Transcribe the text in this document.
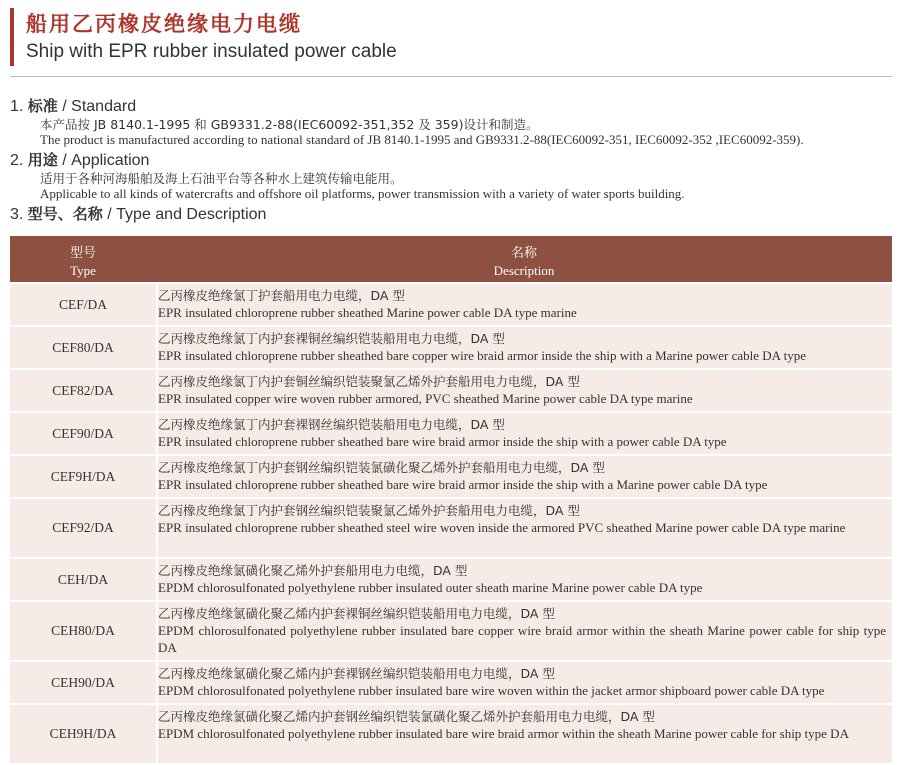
船用乙丙橡皮绝缘电力电缆
Ship with EPR rubber insulated power cable
1. 标准 / Standard
本产品按 JB 8140.1-1995 和 GB9331.2-88(IEC60092-351,352 及 359)设计和制造。
The product is manufactured according to national standard of JB 8140.1-1995 and GB9331.2-88(IEC60092-351, IEC60092-352 ,IEC60092-359).
2. 用途 / Application
适用于各种河海船舶及海上石油平台等各种水上建筑传输电能用。
Applicable to all kinds of watercrafts and offshore oil platforms, power transmission with a variety of water sports building.
3. 型号、名称 / Type and Description
型号
Type
名称
Description
CEF/DA
乙丙橡皮绝缘氯丁护套船用电力电缆，DA 型
EPR insulated chloroprene rubber sheathed Marine power cable DA type marine
CEF80/DA
乙丙橡皮绝缘氯丁内护套裸铜丝编织铠装船用电力电缆，DA 型
EPR insulated chloroprene rubber sheathed bare copper wire braid armor inside the ship with a Marine power cable DA type
CEF82/DA
乙丙橡皮绝缘氯丁内护套铜丝编织铠装聚氯乙烯外护套船用电力电缆，DA 型
EPR insulated copper wire woven rubber armored, PVC sheathed Marine power cable DA type marine
CEF90/DA
乙丙橡皮绝缘氯丁内护套裸钢丝编织铠装船用电力电缆，DA 型
EPR insulated chloroprene rubber sheathed bare wire braid armor inside the ship with a power cable DA type
CEF9H/DA
乙丙橡皮绝缘氯丁内护套钢丝编织铠装氯磺化聚乙烯外护套船用电力电缆，DA 型
EPR insulated chloroprene rubber sheathed bare wire braid armor inside the ship with a Marine power cable DA type
CEF92/DA
乙丙橡皮绝缘氯丁内护套钢丝编织铠装聚氯乙烯外护套船用电力电缆，DA 型
EPR insulated chloroprene rubber sheathed steel wire woven inside the armored PVC sheathed Marine power cable DA type marine
CEH/DA
乙丙橡皮绝缘氯磺化聚乙烯外护套船用电力电缆，DA 型
EPDM chlorosulfonated polyethylene rubber insulated outer sheath marine Marine power cable DA type
CEH80/DA
乙丙橡皮绝缘氯磺化聚乙烯内护套裸铜丝编织铠装船用电力电缆，DA 型
EPDM chlorosulfonated polyethylene rubber insulated bare copper wire braid armor within the sheath Marine power cable for ship type DA
CEH90/DA
乙丙橡皮绝缘氯磺化聚乙烯内护套裸钢丝编织铠装船用电力电缆，DA 型
EPDM chlorosulfonated polyethylene rubber insulated bare wire woven within the jacket armor shipboard power cable DA type
CEH9H/DA
乙丙橡皮绝缘氯磺化聚乙烯内护套钢丝编织铠装氯磺化聚乙烯外护套船用电力电缆，DA 型
EPDM chlorosulfonated polyethylene rubber insulated bare wire braid armor within the sheath Marine power cable for ship type DA
